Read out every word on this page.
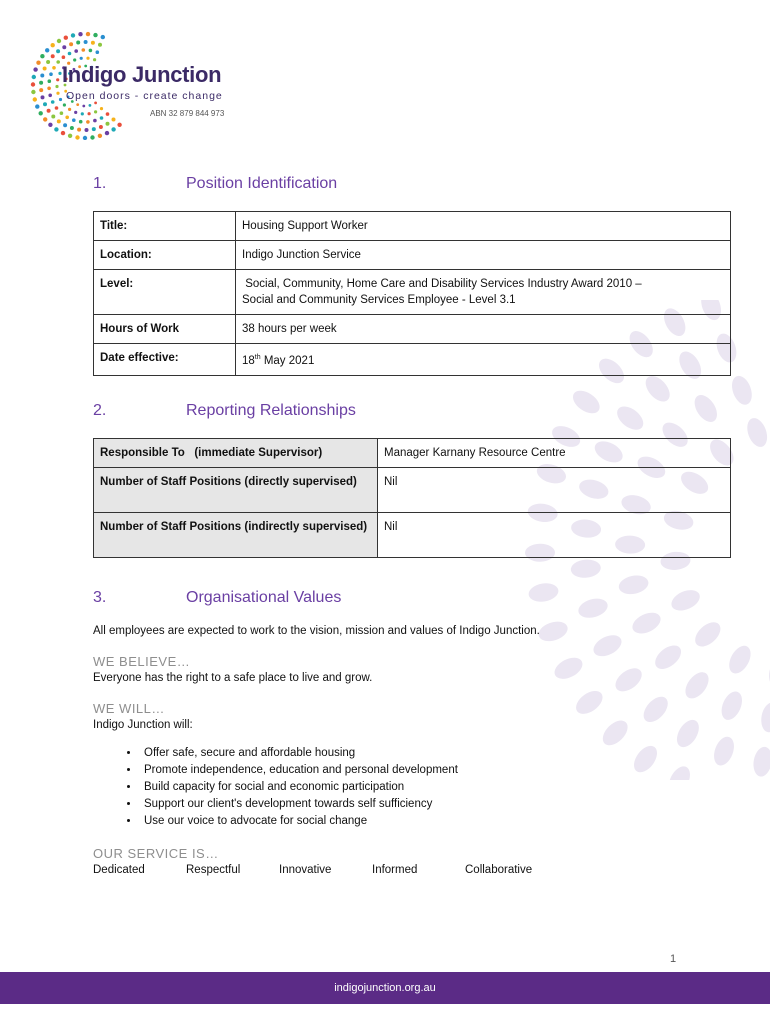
Indigo Junction
Open doors - create change
ABN 32 879 844 973
1.	Position Identification
Title:	Housing Support Worker
Location:	Indigo Junction Service
Level:	Social, Community, Home Care and Disability Services Industry Award 2010 –
Social and Community Services Employee - Level 3.1

Hours of Work	38 hours per week
Date effective:	18th May 2021
2.	Reporting Relationships
Responsible To   (immediate Supervisor)	Manager Karnany Resource Centre
Number of Staff Positions (directly supervised)	Nil
Number of Staff Positions (indirectly supervised)	Nil
3.	Organisational Values
All employees are expected to work to the vision, mission and values of Indigo Junction.
WE BELIEVE…
Everyone has the right to a safe place to live and grow.
WE WILL…
Indigo Junction will:
• Offer safe, secure and affordable housing
• Promote independence, education and personal development
• Build capacity for social and economic participation
• Support our client's development towards self sufficiency
• Use our voice to advocate for social change
OUR SERVICE IS…
Dedicated	Respectful	Innovative	Informed	Collaborative
1
indigojunction.org.au
